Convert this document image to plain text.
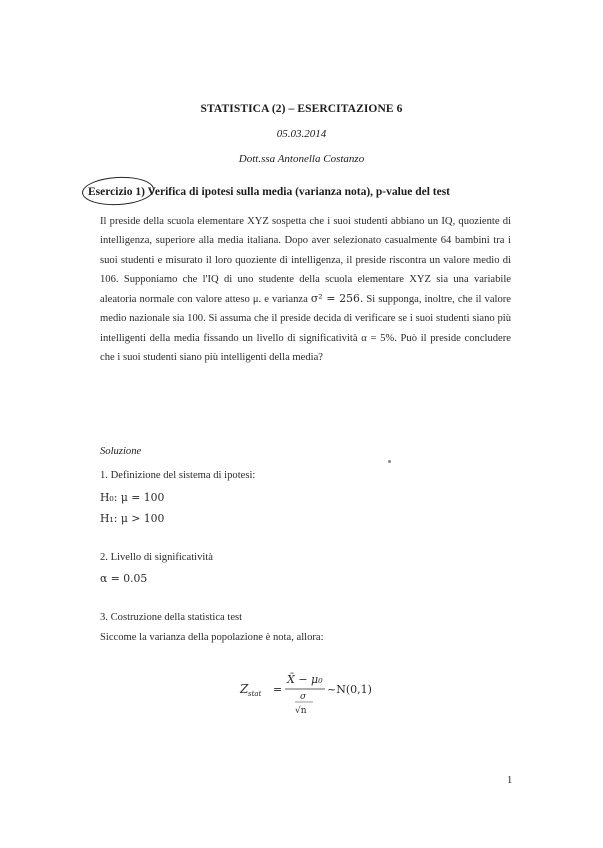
STATISTICA (2) – ESERCITAZIONE 6
05.03.2014
Dott.ssa Antonella Costanzo
Esercizio 1) Verifica di ipotesi sulla media (varianza nota), p-value del test
Il preside della scuola elementare XYZ sospetta che i suoi studenti abbiano un IQ, quoziente di intelligenza, superiore alla media italiana. Dopo aver selezionato casualmente 64 bambini tra i suoi studenti e misurato il loro quoziente di intelligenza, il preside riscontra un valore medio di 106. Supponiamo che l'IQ di uno studente della scuola elementare XYZ sia una variabile aleatoria normale con valore atteso μ. e varianza σ² = 256. Si supponga, inoltre, che il valore medio nazionale sia 100. Si assuma che il preside decida di verificare se i suoi studenti siano più intelligenti della media fissando un livello di significatività α = 5%. Può il preside concludere che i suoi studenti siano più intelligenti della media?
Soluzione
1. Definizione del sistema di ipotesi:
H₀: μ = 100
H₁: μ > 100
2. Livello di significatività
α = 0.05
3. Costruzione della statistica test
Siccome la varianza della popolazione è nota, allora:
Z stat =
X̄ − μ₀
σ
√n
~N(0,1)
1
